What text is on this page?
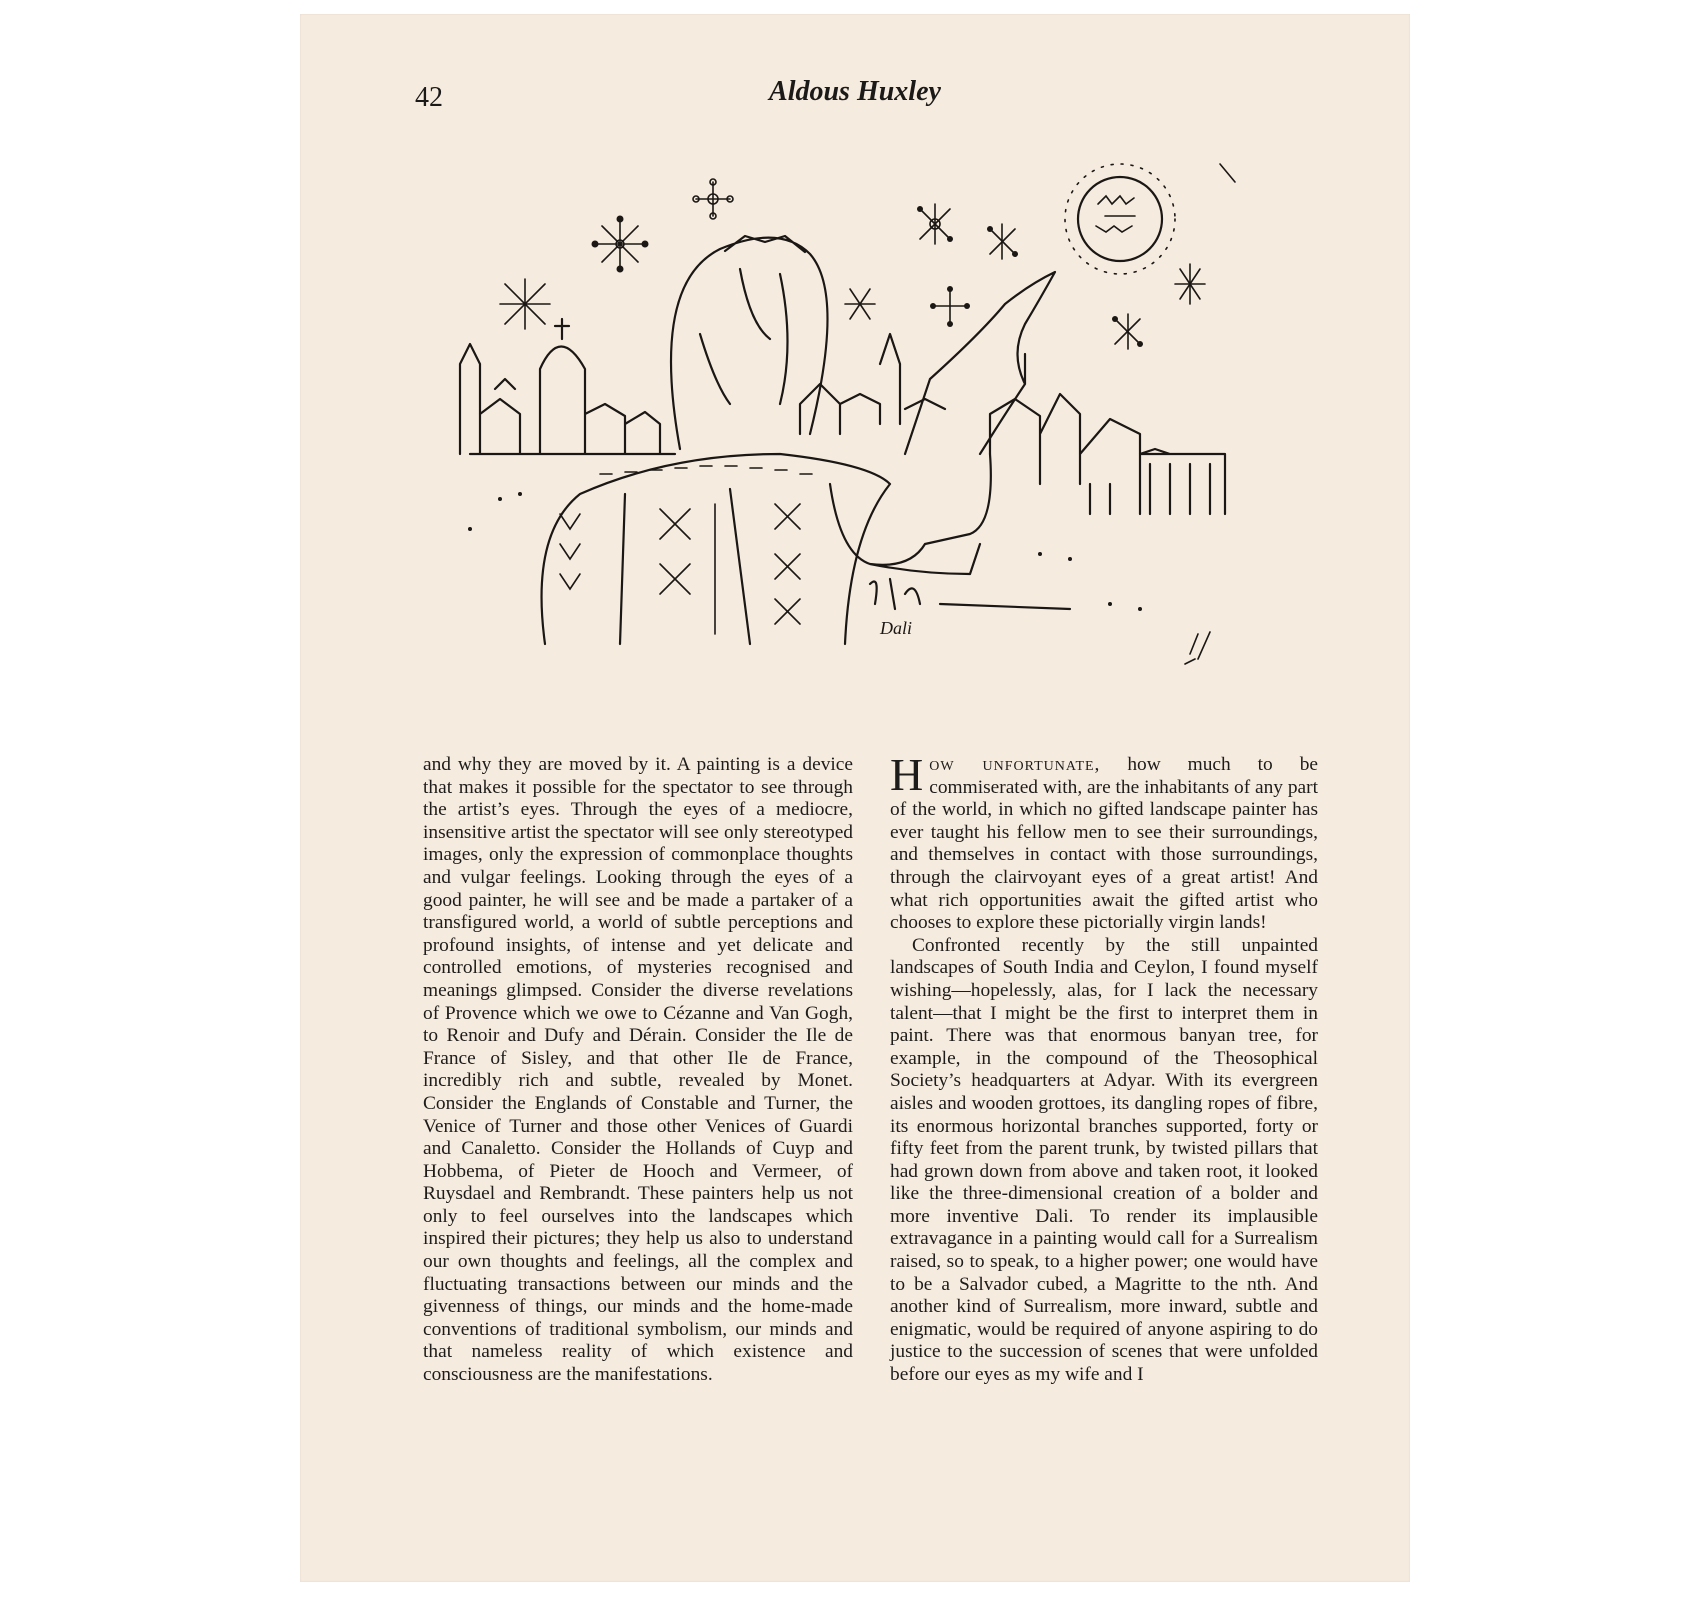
42	Aldous Huxley
Dali

and why they are moved by it. A painting is a device that makes it possible for the spectator to see through the artist’s eyes. Through the eyes of a mediocre, insensitive artist the spectator will see only stereotyped images, only the expression of commonplace thoughts and vulgar feelings. Looking through the eyes of a good painter, he will see and be made a partaker of a transfigured world, a world of subtle perceptions and profound insights, of intense and yet delicate and controlled emotions, of mysteries recognised and meanings glimpsed. Consider the diverse revelations of Provence which we owe to Cézanne and Van Gogh, to Renoir and Dufy and Dérain. Consider the Ile de France of Sisley, and that other Ile de France, incredibly rich and subtle, revealed by Monet. Consider the Englands of Constable and Turner, the Venice of Turner and those other Venices of Guardi and Canaletto. Consider the Hollands of Cuyp and Hobbema, of Pieter de Hooch and Vermeer, of Ruysdael and Rembrandt. These painters help us not only to feel ourselves into the landscapes which inspired their pictures; they help us also to understand our own thoughts and feelings, all the complex and fluctuating transactions between our minds and the givenness of things, our minds and the home-made conventions of traditional symbolism, our minds and that nameless reality of which existence and consciousness are the manifestations.

How unfortunate, how much to be commiserated with, are the inhabitants of any part of the world, in which no gifted landscape painter has ever taught his fellow men to see their surroundings, and themselves in contact with those surroundings, through the clairvoyant eyes of a great artist! And what rich opportunities await the gifted artist who chooses to explore these pictorially virgin lands!

Confronted recently by the still unpainted landscapes of South India and Ceylon, I found myself wishing—hopelessly, alas, for I lack the necessary talent—that I might be the first to interpret them in paint. There was that enormous banyan tree, for example, in the compound of the Theosophical Society’s headquarters at Adyar. With its evergreen aisles and wooden grottoes, its dangling ropes of fibre, its enormous horizontal branches supported, forty or fifty feet from the parent trunk, by twisted pillars that had grown down from above and taken root, it looked like the three-dimensional creation of a bolder and more inventive Dali. To render its implausible extravagance in a painting would call for a Surrealism raised, so to speak, to a higher power; one would have to be a Salvador cubed, a Magritte to the nth. And another kind of Surrealism, more inward, subtle and enigmatic, would be required of anyone aspiring to do justice to the succession of scenes that were unfolded before our eyes as my wife and I
